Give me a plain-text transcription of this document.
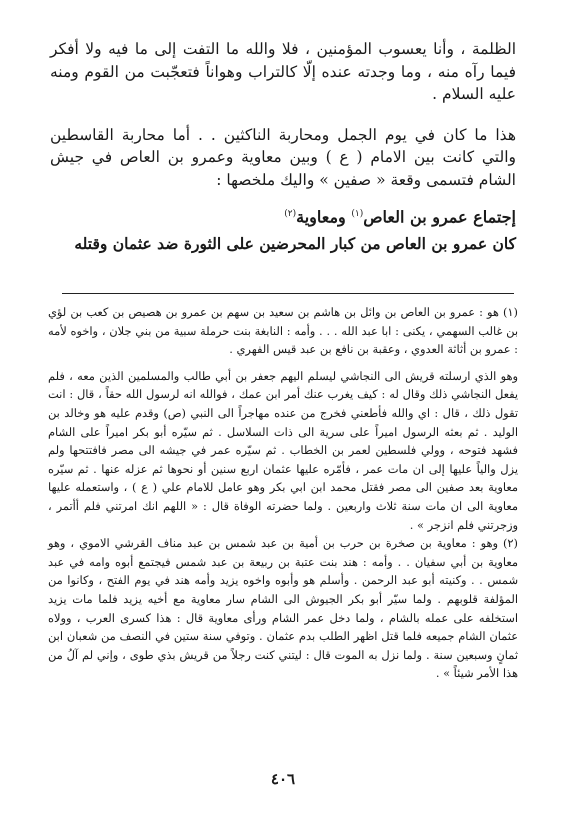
الظلمة ، وأنا يعسوب المؤمنين ، فلا والله ما التفت إلى ما فيه ولا أفكر فيما رآه منه ، وما وجدته عنده إلّا كالتراب وهواناً فتعجّبت من القوم ومنه عليه السلام .

هذا ما كان في يوم الجمل ومحاربة الناكثين . . أما محاربة القاسطين والتي كانت بين الامام ( ع ) وبين معاوية وعمرو بن العاص في جيش الشام فتسمى وقعة « صفين » واليك ملخصها :

إجتماع عمرو بن العاص$^{(١)}$ ومعاوية$^{(٢)}$

كان عمرو بن العاص من كبار المحرضين على الثورة ضد عثمان وقتله

(١) هو : عمرو بن العاص بن وائل بن هاشم بن سعيد بن سهم بن عمرو بن هصيص بن كعب بن لؤي بن غالب السهمي ، يكنى : ابا عبد الله . . . وأمه : النابغة بنت حرملة سبية من بني جلان ، واخوه لأمه : عمرو بن أثاثة العدوي ، وعقبة بن نافع بن عبد قيس الفهري .

وهو الذي ارسلته قريش الى النجاشي ليسلم اليهم جعفر بن أبي طالب والمسلمين الذين معه ، فلم يفعل النجاشي ذلك وقال له : كيف يغرب عنك أمر ابن عمك ، فوالله انه لرسول الله حقاً ، قال : انت تقول ذلك ، قال : اي والله فأطعني فخرج من عنده مهاجراً الى النبي (ص) وقدم عليه هو وخالد بن الوليد . ثم بعثه الرسول اميراً على سرية الى ذات السلاسل . ثم سيّره أبو بكر اميراً على الشام فشهد فتوحه ، وولي فلسطين لعمر بن الخطاب . ثم سيّره عمر في جيشه الى مصر فافتتحها ولم يزل والياً عليها إلى ان مات عمر ، فأمّره عليها عثمان اربع سنين أو نحوها ثم عزله عنها . ثم سيّره معاوية بعد صفين الى مصر فقتل محمد ابن ابي بكر وهو عامل للامام علي ( ع ) ، واستعمله عليها معاوية الى ان مات سنة ثلاث واربعين . ولما حضرته الوفاة قال : « اللهم انك امرتني فلم أأتمر ، وزجرتني فلم انزجر » .

(٢) وهو : معاوية بن صخرة بن حرب بن أمية بن عبد شمس بن عبد مناف القرشي الاموي ، وهو معاوية بن أبي سفيان . . وأمه : هند بنت عتبة بن ربيعة بن عبد شمس فيجتمع أبوه وامه في عبد شمس . . وكنيته أبو عبد الرحمن . وأسلم هو وأبوه واخوه يزيد وأمه هند في يوم الفتح ، وكانوا من المؤلفة قلوبهم . ولما سيّر أبو بكر الجيوش الى الشام سار معاوية مع أخيه يزيد فلما مات يزيد استخلفه على عمله بالشام ، ولما دخل عمر الشام ورأى معاوية قال : هذا كسرى العرب ، وولاه عثمان الشام جميعه فلما قتل اظهر الطلب بدم عثمان . وتوفي سنة ستين في النصف من شعبان ابن ثمانٍ وسبعين سنة . ولما نزل به الموت قال : ليتني كنت رجلاً من قريش بذي طوى ، وإني لم آلُ من هذا الأمر شيئاً » .

٤٠٦
